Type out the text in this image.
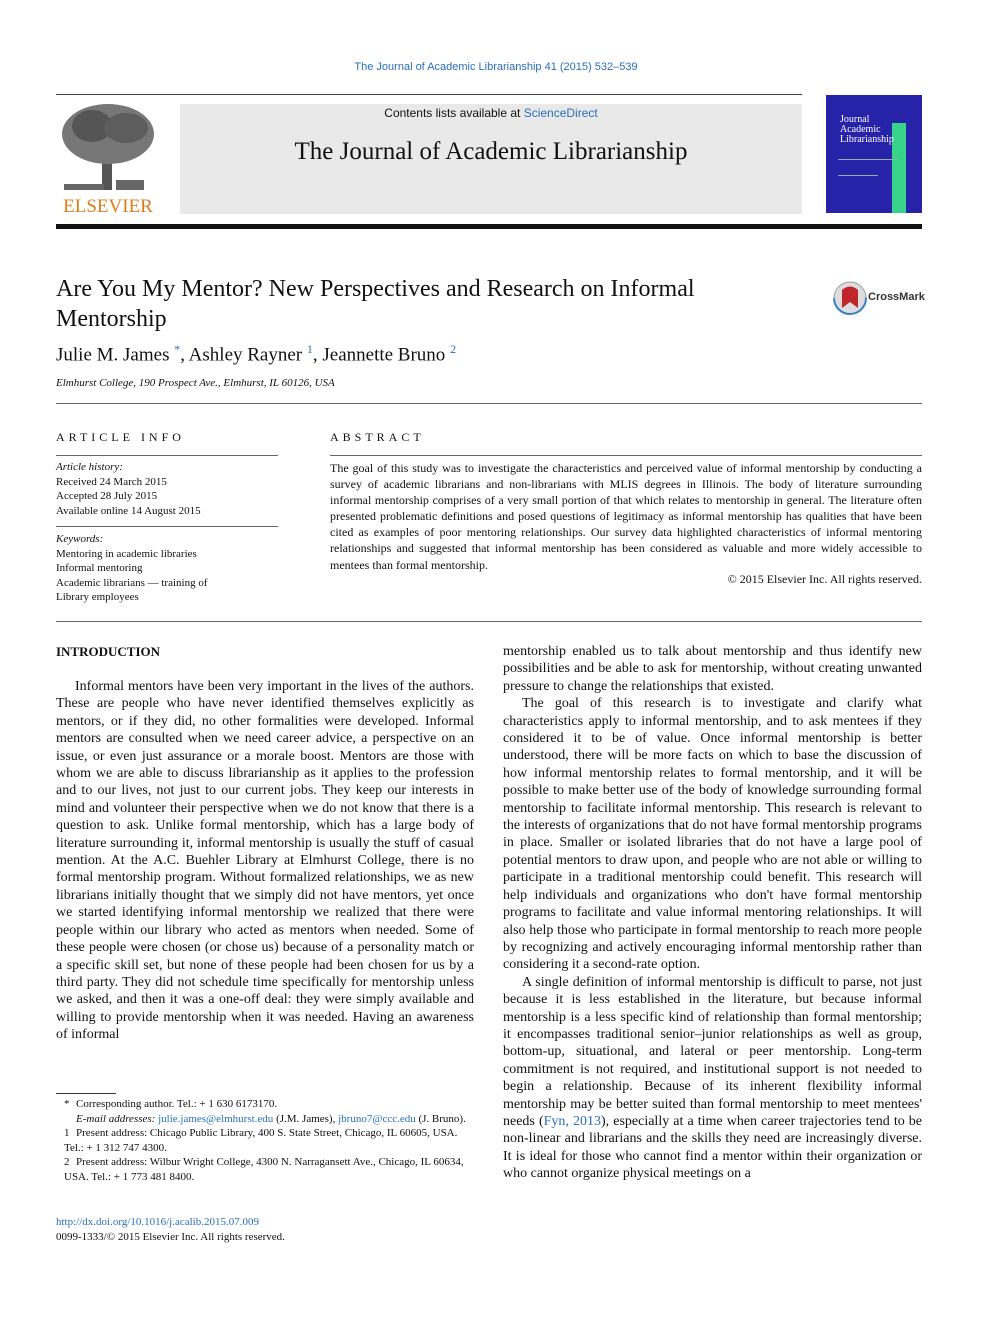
The Journal of Academic Librarianship 41 (2015) 532–539
ELSEVIER
Contents lists available at ScienceDirect
The Journal of Academic Librarianship
Journal
Academic
Librarianship
Are You My Mentor? New Perspectives and Research on Informal Mentorship
CrossMark
Julie M. James *, Ashley Rayner $^1$, Jeannette Bruno $^2$
Elmhurst College, 190 Prospect Ave., Elmhurst, IL 60126, USA
ARTICLE INFO
Article history:
Received 24 March 2015
Accepted 28 July 2015
Available online 14 August 2015
Keywords:
Mentoring in academic libraries
Informal mentoring
Academic librarians — training of
Library employees
ABSTRACT
The goal of this study was to investigate the characteristics and perceived value of informal mentorship by conducting a survey of academic librarians and non-librarians with MLIS degrees in Illinois. The body of literature surrounding informal mentorship comprises of a very small portion of that which relates to mentorship in general. The literature often presented problematic definitions and posed questions of legitimacy as informal mentorship has qualities that have been cited as examples of poor mentoring relationships. Our survey data highlighted characteristics of informal mentoring relationships and suggested that informal mentorship has been considered as valuable and more widely accessible to mentees than formal mentorship.
© 2015 Elsevier Inc. All rights reserved.
INTRODUCTION

Informal mentors have been very important in the lives of the authors. These are people who have never identified themselves explicitly as mentors, or if they did, no other formalities were developed. Informal mentors are consulted when we need career advice, a perspective on an issue, or even just assurance or a morale boost. Mentors are those with whom we are able to discuss librarianship as it applies to the profession and to our lives, not just to our current jobs. They keep our interests in mind and volunteer their perspective when we do not know that there is a question to ask. Unlike formal mentorship, which has a large body of literature surrounding it, informal mentorship is usually the stuff of casual mention. At the A.C. Buehler Library at Elmhurst College, there is no formal mentorship program. Without formalized relationships, we as new librarians initially thought that we simply did not have mentors, yet once we started identifying informal mentorship we realized that there were people within our library who acted as mentors when needed. Some of these people were chosen (or chose us) because of a personality match or a specific skill set, but none of these people had been chosen for us by a third party. They did not schedule time specifically for mentorship unless we asked, and then it was a one-off deal: they were simply available and willing to provide mentorship when it was needed. Having an awareness of informal

mentorship enabled us to talk about mentorship and thus identify new possibilities and be able to ask for mentorship, without creating unwanted pressure to change the relationships that existed.

The goal of this research is to investigate and clarify what characteristics apply to informal mentorship, and to ask mentees if they considered it to be of value. Once informal mentorship is better understood, there will be more facts on which to base the discussion of how informal mentorship relates to formal mentorship, and it will be possible to make better use of the body of knowledge surrounding formal mentorship to facilitate informal mentorship. This research is relevant to the interests of organizations that do not have formal mentorship programs in place. Smaller or isolated libraries that do not have a large pool of potential mentors to draw upon, and people who are not able or willing to participate in a traditional mentorship could benefit. This research will help individuals and organizations who don't have formal mentorship programs to facilitate and value informal mentoring relationships. It will also help those who participate in formal mentorship to reach more people by recognizing and actively encouraging informal mentorship rather than considering it a second-rate option.

A single definition of informal mentorship is difficult to parse, not just because it is less established in the literature, but because informal mentorship is a less specific kind of relationship than formal mentorship; it encompasses traditional senior–junior relationships as well as group, bottom-up, situational, and lateral or peer mentorship. Long-term commitment is not required, and institutional support is not needed to begin a relationship. Because of its inherent flexibility informal mentorship may be better suited than formal mentorship to meet mentees' needs (Fyn, 2013), especially at a time when career trajectories tend to be non-linear and librarians and the skills they need are increasingly diverse. It is ideal for those who cannot find a mentor within their organization or who cannot organize physical meetings on a

* Corresponding author. Tel.: + 1 630 6173170.
E-mail addresses: julie.james@elmhurst.edu (J.M. James), jbruno7@ccc.edu (J. Bruno).
1 Present address: Chicago Public Library, 400 S. State Street, Chicago, IL 60605, USA. Tel.: + 1 312 747 4300.
2 Present address: Wilbur Wright College, 4300 N. Narragansett Ave., Chicago, IL 60634, USA. Tel.: + 1 773 481 8400.
http://dx.doi.org/10.1016/j.acalib.2015.07.009
0099-1333/© 2015 Elsevier Inc. All rights reserved.
